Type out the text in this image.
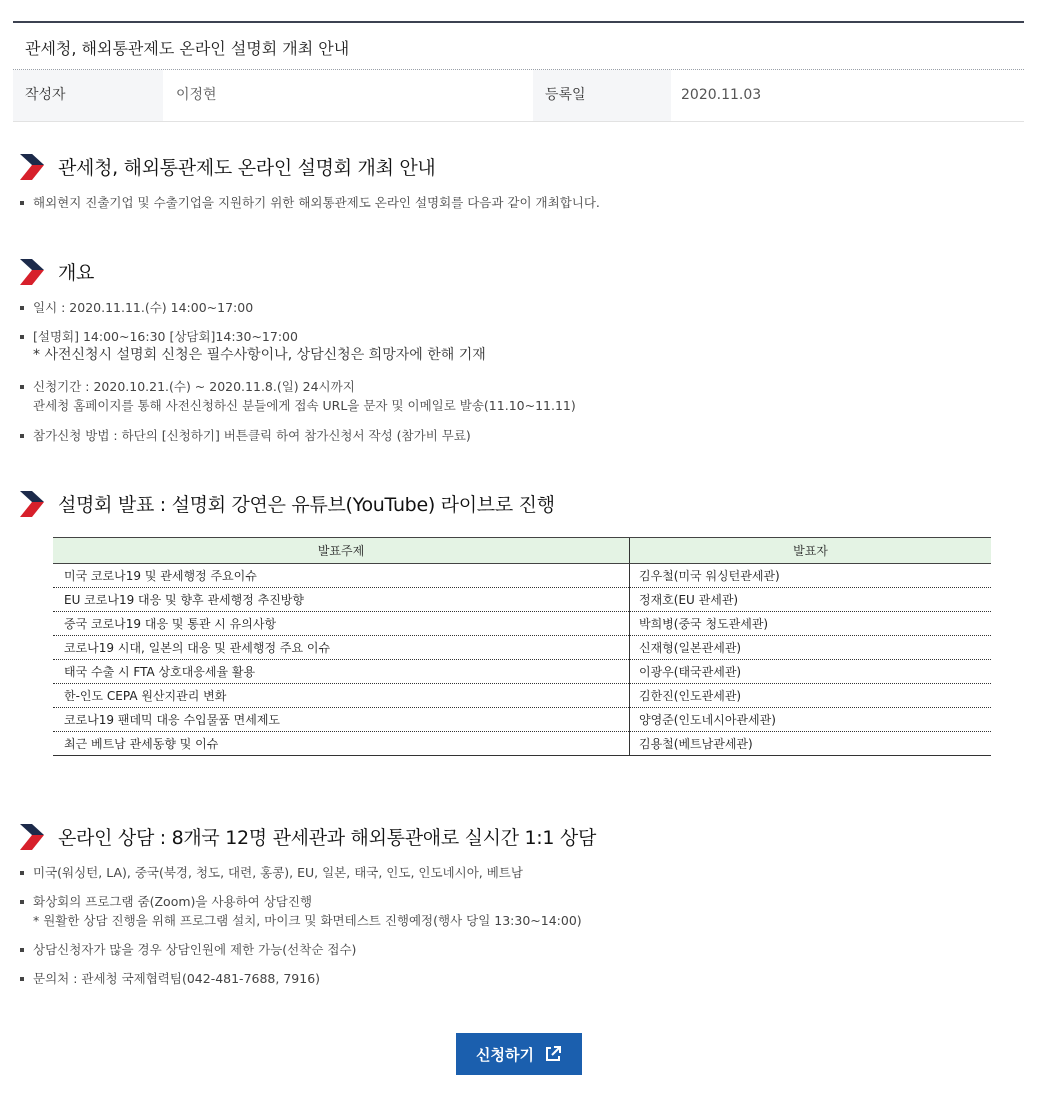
관세청, 해외통관제도 온라인 설명회 개최 안내
작성자	이정현	등록일	2020.11.03
관세청, 해외통관제도 온라인 설명회 개최 안내
해외현지 진출기업 및 수출기업을 지원하기 위한 해외통관제도 온라인 설명회를 다음과 같이 개최합니다.
개요
일시 : 2020.11.11.(수) 14:00~17:00
[설명회] 14:00~16:30 [상담회]14:30~17:00
* 사전신청시 설명회 신청은 필수사항이나, 상담신청은 희망자에 한해 기재
신청기간 : 2020.10.21.(수) ~ 2020.11.8.(일) 24시까지
관세청 홈페이지를 통해 사전신청하신 분들에게 접속 URL을 문자 및 이메일로 발송(11.10~11.11)
참가신청 방법 : 하단의 [신청하기] 버튼클릭 하여 참가신청서 작성 (참가비 무료)
설명회 발표 : 설명회 강연은 유튜브(YouTube) 라이브로 진행
발표주제	발표자
미국 코로나19 및 관세행정 주요이슈	김우철(미국 워싱턴관세관)
EU 코로나19 대응 및 향후 관세행정 추진방향	정재호(EU 관세관)
중국 코로나19 대응 및 통관 시 유의사항	박희병(중국 청도관세관)
코로나19 시대, 일본의 대응 및 관세행정 주요 이슈	신재형(일본관세관)
태국 수출 시 FTA 상호대응세율 활용	이광우(태국관세관)
한-인도 CEPA 원산지관리 변화	김한진(인도관세관)
코로나19 팬데믹 대응 수입물품 면세제도	양영준(인도네시아관세관)
최근 베트남 관세동향 및 이슈	김용철(베트남관세관)
온라인 상담 : 8개국 12명 관세관과 해외통관애로 실시간 1:1 상담
미국(워싱턴, LA), 중국(북경, 청도, 대련, 홍콩), EU, 일본, 태국, 인도, 인도네시아, 베트남
화상회의 프로그램 줌(Zoom)을 사용하여 상담진행
* 원활한 상담 진행을 위해 프로그램 설치, 마이크 및 화면테스트 진행예정(행사 당일 13:30~14:00)
상담신청자가 많을 경우 상담인원에 제한 가능(선착순 접수)
문의처 : 관세청 국제협력팀(042-481-7688, 7916)
신청하기
